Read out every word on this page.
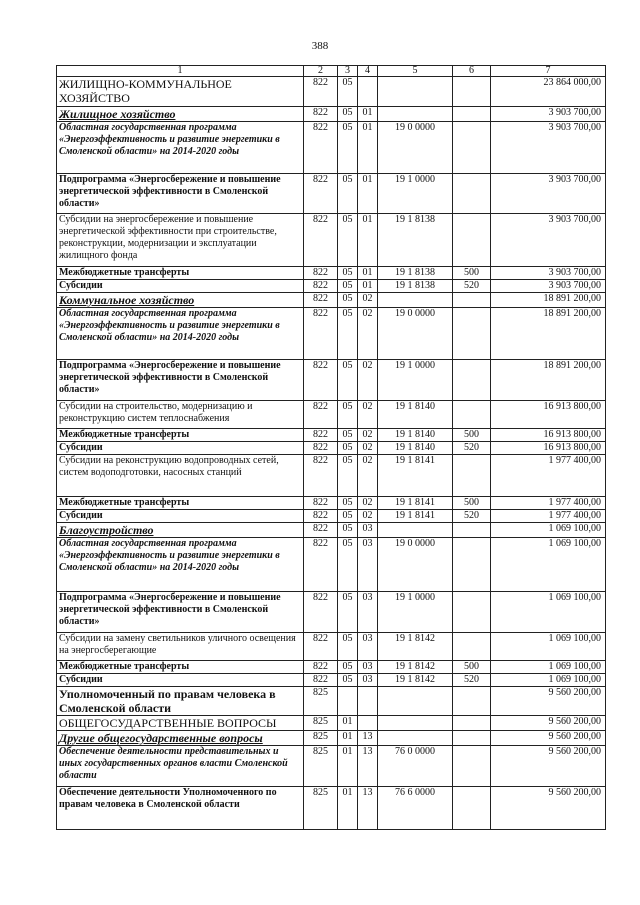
388
1	2	3	4	5	6	7
ЖИЛИЩНО-КОММУНАЛЬНОЕ ХОЗЯЙСТВО	822	05				23 864 000,00
Жилищное хозяйство	822	05	01			3 903 700,00
Областная государственная программа «Энергоэффективность и развитие энергетики в Смоленской области» на 2014-2020 годы	822	05	01	19 0 0000		3 903 700,00
Подпрограмма «Энергосбережение и повышение энергетической эффективности в Смоленской области»	822	05	01	19 1 0000		3 903 700,00
Субсидии на энергосбережение и повышение энергетической эффективности при строительстве, реконструкции, модернизации и эксплуатации жилищного фонда	822	05	01	19 1 8138		3 903 700,00
Межбюджетные трансферты	822	05	01	19 1 8138	500	3 903 700,00
Субсидии	822	05	01	19 1 8138	520	3 903 700,00
Коммунальное хозяйство	822	05	02			18 891 200,00
Областная государственная программа «Энергоэффективность и развитие энергетики в Смоленской области» на 2014-2020 годы	822	05	02	19 0 0000		18 891 200,00
Подпрограмма «Энергосбережение и повышение энергетической эффективности в Смоленской области»	822	05	02	19 1 0000		18 891 200,00
Субсидии на строительство, модернизацию и реконструкцию систем теплоснабжения	822	05	02	19 1 8140		16 913 800,00
Межбюджетные трансферты	822	05	02	19 1 8140	500	16 913 800,00
Субсидии	822	05	02	19 1 8140	520	16 913 800,00
Субсидии на реконструкцию водопроводных сетей, систем водоподготовки, насосных станций	822	05	02	19 1 8141		1 977 400,00
Межбюджетные трансферты	822	05	02	19 1 8141	500	1 977 400,00
Субсидии	822	05	02	19 1 8141	520	1 977 400,00
Благоустройство	822	05	03			1 069 100,00
Областная государственная программа «Энергоэффективность и развитие энергетики в Смоленской области» на 2014-2020 годы	822	05	03	19 0 0000		1 069 100,00
Подпрограмма «Энергосбережение и повышение энергетической эффективности в Смоленской области»	822	05	03	19 1 0000		1 069 100,00
Субсидии на замену светильников уличного освещения на энергосберегающие	822	05	03	19 1 8142		1 069 100,00
Межбюджетные трансферты	822	05	03	19 1 8142	500	1 069 100,00
Субсидии	822	05	03	19 1 8142	520	1 069 100,00
Уполномоченный по правам человека в Смоленской области	825					9 560 200,00
ОБЩЕГОСУДАРСТВЕННЫЕ ВОПРОСЫ	825	01				9 560 200,00
Другие общегосударственные вопросы	825	01	13			9 560 200,00
Обеспечение деятельности представительных и иных государственных органов власти Смоленской области	825	01	13	76 0 0000		9 560 200,00
Обеспечение деятельности Уполномоченного по правам человека в Смоленской области	825	01	13	76 6 0000		9 560 200,00
